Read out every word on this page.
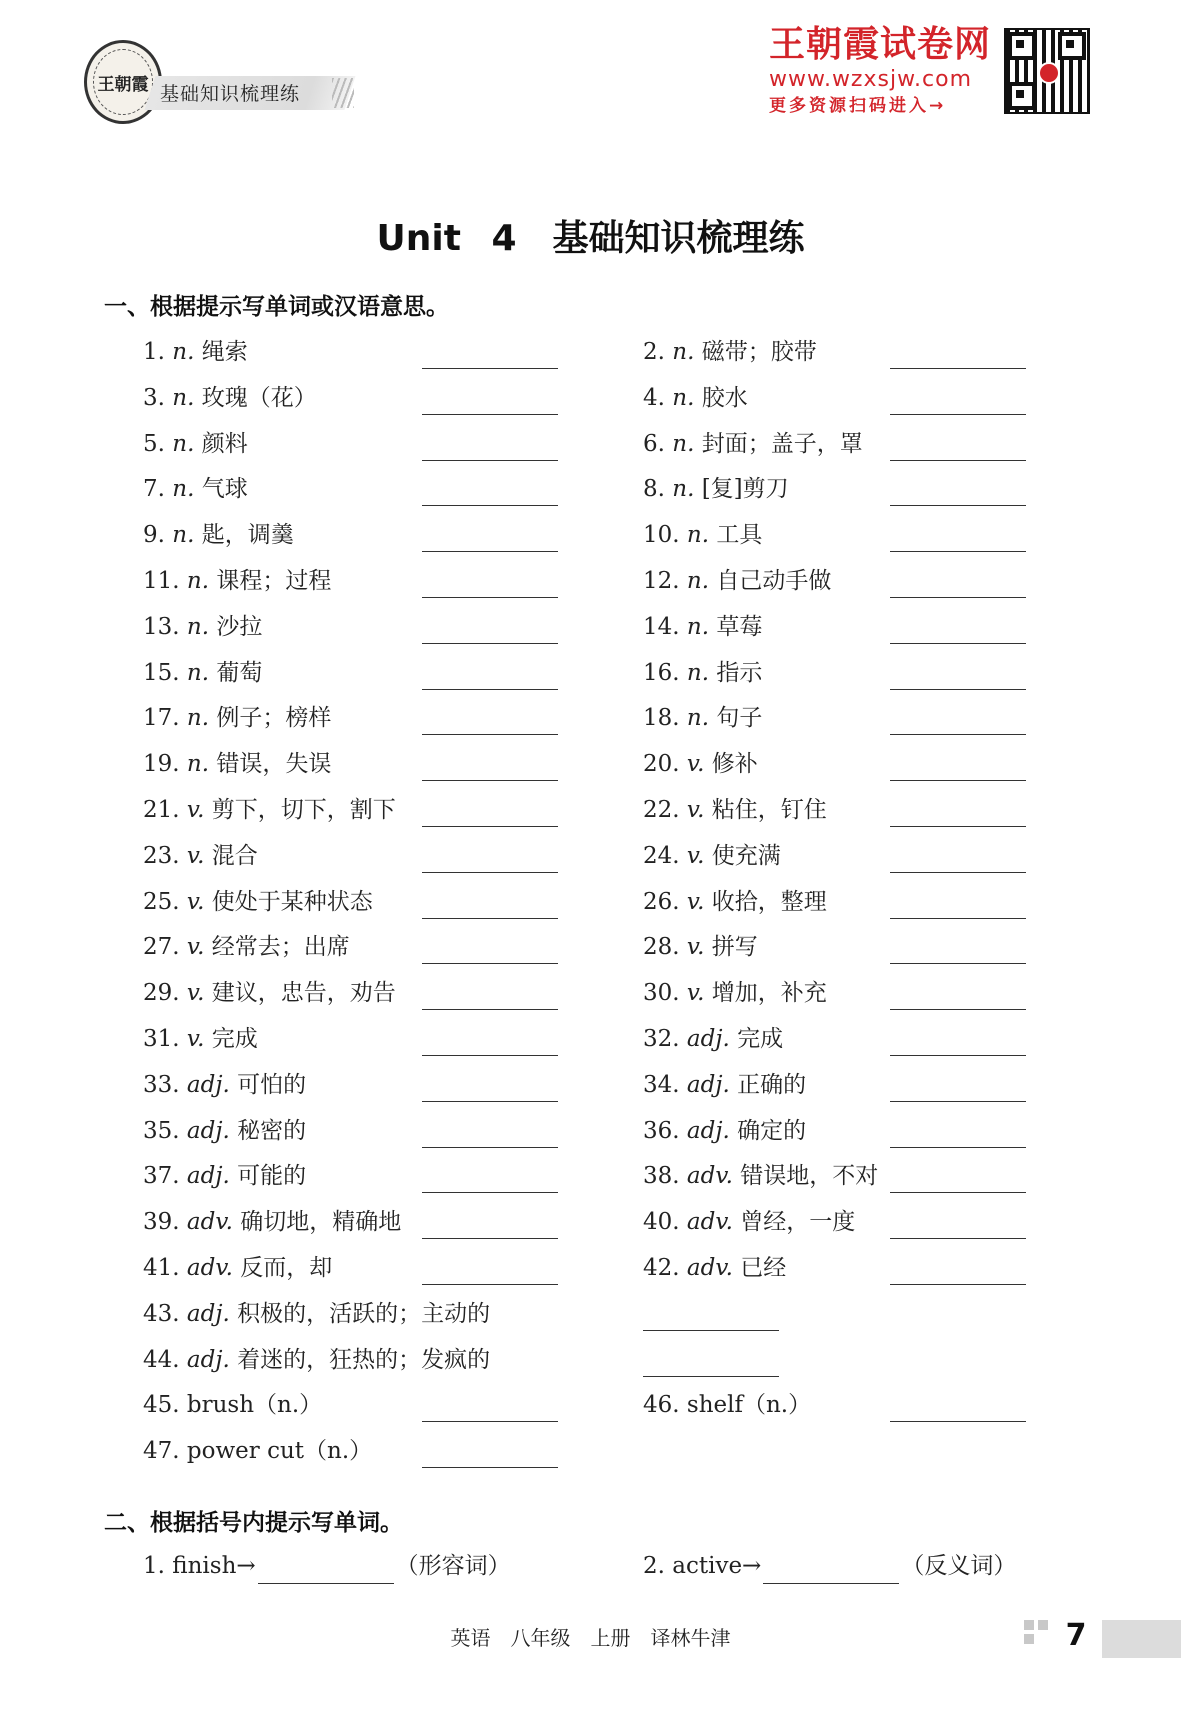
王朝霞 基础知识梳理练
王朝霞试卷网
www.wzxsjw.com
更多资源扫码进入→
Unit 4　基础知识梳理练
一、根据提示写单词或汉语意思。
1. n. 绳索	2. n. 磁带；胶带
3. n. 玫瑰（花）	4. n. 胶水
5. n. 颜料	6. n. 封面；盖子，罩
7. n. 气球	8. n. [复]剪刀
9. n. 匙，调羹	10. n. 工具
11. n. 课程；过程	12. n. 自己动手做
13. n. 沙拉	14. n. 草莓
15. n. 葡萄	16. n. 指示
17. n. 例子；榜样	18. n. 句子
19. n. 错误，失误	20. v. 修补
21. v. 剪下，切下，割下	22. v. 粘住，钉住
23. v. 混合	24. v. 使充满
25. v. 使处于某种状态	26. v. 收拾，整理
27. v. 经常去；出席	28. v. 拼写
29. v. 建议，忠告，劝告	30. v. 增加，补充
31. v. 完成	32. adj. 完成
33. adj. 可怕的	34. adj. 正确的
35. adj. 秘密的	36. adj. 确定的
37. adj. 可能的	38. adv. 错误地，不对
39. adv. 确切地，精确地	40. adv. 曾经，一度
41. adv. 反而，却	42. adv. 已经
43. adj. 积极的，活跃的；主动的
44. adj. 着迷的，狂热的；发疯的
45. brush（n.）	46. shelf（n.）
47. power cut（n.）
二、根据括号内提示写单词。
1. finish→	（形容词）	2. active→	（反义词）
英语　八年级　上册　译林牛津	7
